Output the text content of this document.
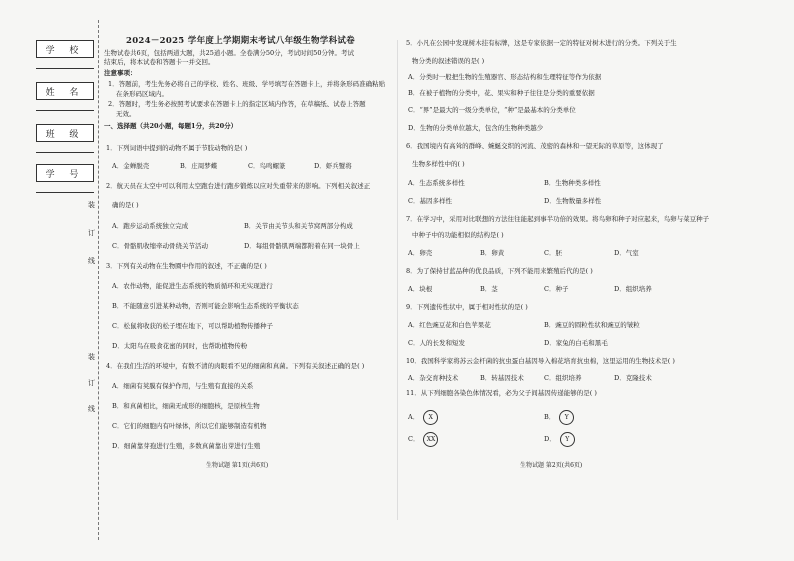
学 校
姓 名
班 级
学 号
装
订
线
装
订
线
2024－2025 学年度上学期期末考试八年级生物学科试卷
生物试卷共6页，包括两道大题，共25道小题。全卷满分50分，考试时间50分钟。考试
结束后，将本试卷和答题卡一并交回。
注意事项：
1．答题前，考生先务必将自己的学校、姓名、班级、学号填写在答题卡上，并将条形码准确粘贴
在条形码区域内。
2．答题时，考生务必按照考试要求在答题卡上的指定区域内作答，在草稿纸、试卷上答题
无效。
一、选择题（共20小题，每题1分，共20分）
1．下列词语中提到的动物不属于节肢动物的是( )
A．金蝉脱壳	B．庄周梦蝶	C．鸟鸣螺篆	D．虾兵蟹将
2．航天员在太空中可以利用太空跑台进行跑步锻炼以应对失重带来的影响。下列相关叙述正
确的是( )
A．跑步运动系统独立完成	B．关节由关节头和关节窝两部分构成
C．骨骼肌收缩牵动骨绕关节活动	D．每组骨骼肌两端都附着在同一块骨上
3．下列有关动物在生物圈中作用的叙述，不正确的是( )
A．农作动物，能促进生态系统的物质循环和无实现进行
B．不能随意引进某种动物，否则可能会影响生态系统的平衡状态
C．松鼠将收获的松子埋在地下，可以帮助植物传播种子
D．太阳鸟在吸食花蜜的同时，也帮助植物传粉
4．在我们生活的环境中，有数不清的肉眼看不见的细菌和真菌。下列有关叙述正确的是( )
A．细菌有荚膜有保护作用，与生殖有直接的关系
B．和真菌相比，细菌无成形的细胞核，是原核生物
C．它们的细胞内有叶绿体，所以它们能够制造有机物
D．细菌靠芽孢进行生殖，多数真菌靠出芽进行生殖
生物试题 第1页(共6页)
5．小凡在公园中发现树木挂有标牌，这是专家依据一定的特征对树木进行的分类。下列关于生
物分类的叙述错误的是( )
A．分类时一般把生物的生殖器官、形态结构和生理特征等作为依据
B．在被子植物的分类中，花、果实和种子往往是分类的重要依据
C．“界”是最大的一级分类单位，“种”是最基本的分类单位
D．生物的分类单位越大，包含的生物种类越少
6．我国境内有高耸的群峰、蜿蜒交织的河流、茂密的森林和一望无际的草原等，这体现了
生物多样性中的( )
A．生态系统多样性	B．生物种类多样性
C．基因多样性	D．生物数量多样性
7．在学习中，采用对比联想的方法往往能起到事半功倍的效果。将鸟卵和种子对应起来，鸟卵与菜豆种子
中种子中的功能相似的结构是( )
A．卵壳	B．卵黄	C．胚	D．气室
8．为了保持甘蓝品种的优良品质，下列不能用来繁殖后代的是( )
A．块根	B．茎	C．种子	D．组织培养
9．下列遗传性状中，属于相对性状的是( )
A．红色豌豆花和白色苹果花	B．豌豆的圆粒性状和豌豆的皱粒
C．人的长发和短发	D．家兔的白毛和黑毛
10．我国科学家将苏云金杆菌的抗虫蛋白基因导入棉花培育抗虫棉，这里运用的生物技术是( )
A．杂交育种技术	B．转基因技术	C．组织培养	D．克隆技术
11．从下列细胞各染色体情况看，必为父子间基因传递能够的是( )
A．	X	B．	Y
C．	XX	D．	Y
生物试题 第2页(共6页)
